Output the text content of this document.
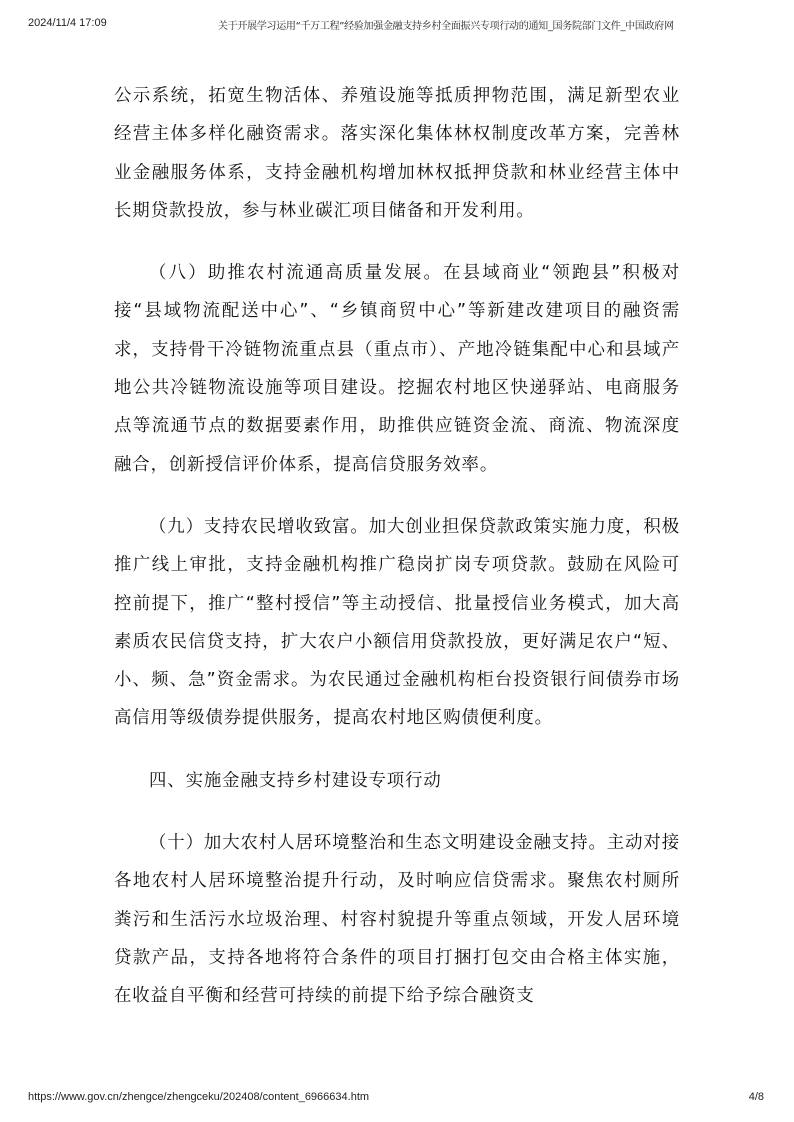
2024/11/4 17:09	关于开展学习运用“千万工程”经验加强金融支持乡村全面振兴专项行动的通知_国务院部门文件_中国政府网

公示系统，拓宽生物活体、养殖设施等抵质押物范围，满足新型农业经营主体多样化融资需求。落实深化集体林权制度改革方案，完善林业金融服务体系，支持金融机构增加林权抵押贷款和林业经营主体中长期贷款投放，参与林业碳汇项目储备和开发利用。

（八）助推农村流通高质量发展。在县域商业“领跑县”积极对接“县域物流配送中心”、“乡镇商贸中心”等新建改建项目的融资需求，支持骨干冷链物流重点县（重点市）、产地冷链集配中心和县域产地公共冷链物流设施等项目建设。挖掘农村地区快递驿站、电商服务点等流通节点的数据要素作用，助推供应链资金流、商流、物流深度融合，创新授信评价体系，提高信贷服务效率。

（九）支持农民增收致富。加大创业担保贷款政策实施力度，积极推广线上审批，支持金融机构推广稳岗扩岗专项贷款。鼓励在风险可控前提下，推广“整村授信”等主动授信、批量授信业务模式，加大高素质农民信贷支持，扩大农户小额信用贷款投放，更好满足农户“短、小、频、急”资金需求。为农民通过金融机构柜台投资银行间债券市场高信用等级债券提供服务，提高农村地区购债便利度。

四、实施金融支持乡村建设专项行动

（十）加大农村人居环境整治和生态文明建设金融支持。主动对接各地农村人居环境整治提升行动，及时响应信贷需求。聚焦农村厕所粪污和生活污水垃圾治理、村容村貌提升等重点领域，开发人居环境贷款产品，支持各地将符合条件的项目打捆打包交由合格主体实施，在收益自平衡和经营可持续的前提下给予综合融资支

https://www.gov.cn/zhengce/zhengceku/202408/content_6966634.htm	4/8
